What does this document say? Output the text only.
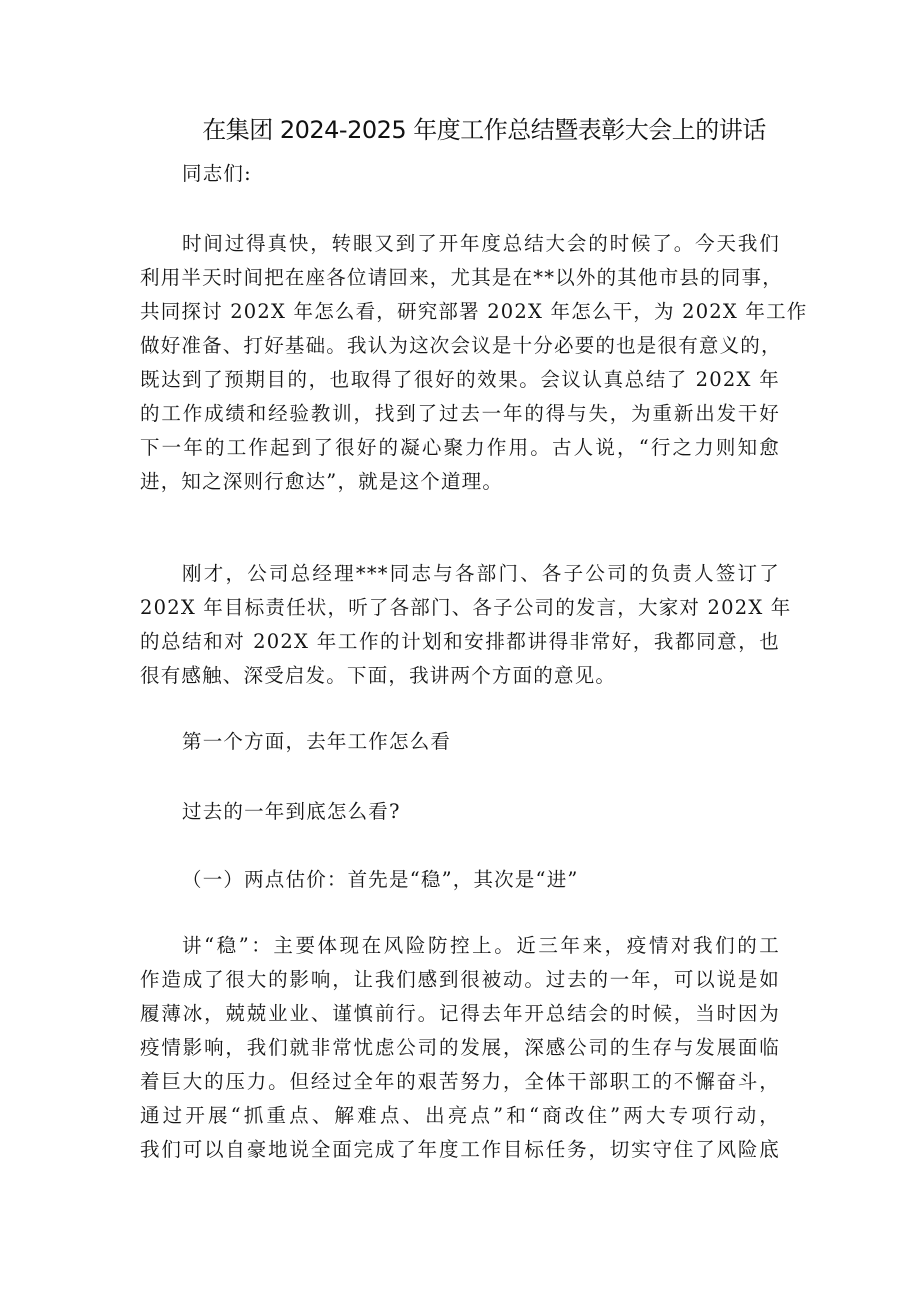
在集团 2024-2025 年度工作总结暨表彰大会上的讲话

同志们:

时间过得真快，转眼又到了开年度总结大会的时候了。今天我们
利用半天时间把在座各位请回来，尤其是在**以外的其他市县的同事，
共同探讨 202X 年怎么看，研究部署 202X 年怎么干，为 202X 年工作
做好准备、打好基础。我认为这次会议是十分必要的也是很有意义的，
既达到了预期目的，也取得了很好的效果。会议认真总结了 202X 年
的工作成绩和经验教训，找到了过去一年的得与失，为重新出发干好
下一年的工作起到了很好的凝心聚力作用。古人说，“行之力则知愈
进，知之深则行愈达”，就是这个道理。
刚才，公司总经理***同志与各部门、各子公司的负责人签订了
202X 年目标责任状，听了各部门、各子公司的发言，大家对 202X 年
的总结和对 202X 年工作的计划和安排都讲得非常好，我都同意，也
很有感触、深受启发。下面，我讲两个方面的意见。

第一个方面，去年工作怎么看

过去的一年到底怎么看?

（一）两点估价：首先是“稳”，其次是“进”

讲“稳”：主要体现在风险防控上。近三年来，疫情对我们的工
作造成了很大的影响，让我们感到很被动。过去的一年，可以说是如
履薄冰，兢兢业业、谨慎前行。记得去年开总结会的时候，当时因为
疫情影响，我们就非常忧虑公司的发展，深感公司的生存与发展面临
着巨大的压力。但经过全年的艰苦努力，全体干部职工的不懈奋斗，
通过开展“抓重点、解难点、出亮点”和“商改住”两大专项行动，
我们可以自豪地说全面完成了年度工作目标任务，切实守住了风险底
